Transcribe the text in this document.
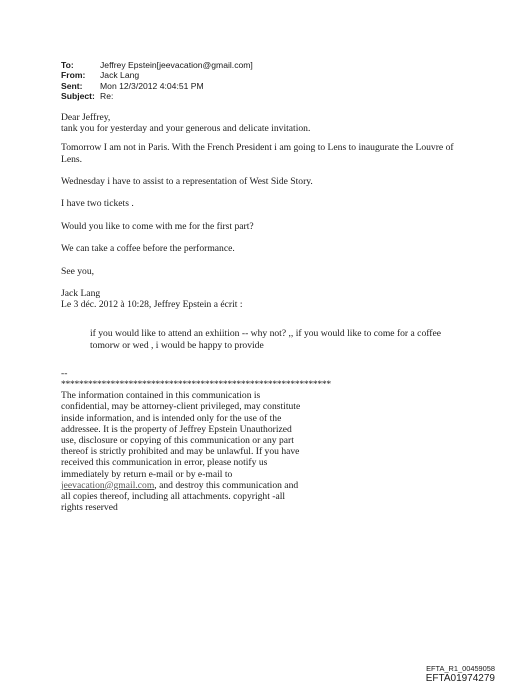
To:	Jeffrey Epstein[jeevacation@gmail.com]
From:	Jack Lang
Sent:	Mon 12/3/2012 4:04:51 PM
Subject: Re:

Dear Jeffrey,

tank you for yesterday and your generous and delicate invitation.

Tomorrow I am not in Paris. With the French President i am going to Lens to inaugurate the Louvre of Lens.

Wednesday i have to assist to a representation of West Side Story.

I have two tickets .

Would you like to come with me for the first part?

We can take a coffee before the performance.

See you,

Jack Lang

Le 3 déc. 2012 à 10:28, Jeffrey Epstein a écrit :

if you would like to attend an exhiition -- why not? ,, if you would like to come for a coffee tomorw or wed , i would be happy to provide

--

************************************************************

The information contained in this communication is confidential, may be attorney-client privileged, may constitute inside information, and is intended only for the use of the addressee. It is the property of Jeffrey Epstein Unauthorized use, disclosure or copying of this communication or any part thereof is strictly prohibited and may be unlawful. If you have received this communication in error, please notify us immediately by return e-mail or by e-mail to jeevacation@gmail.com, and destroy this communication and all copies thereof, including all attachments. copyright -all rights reserved

EFTA_R1_00459058
EFTA01974279
